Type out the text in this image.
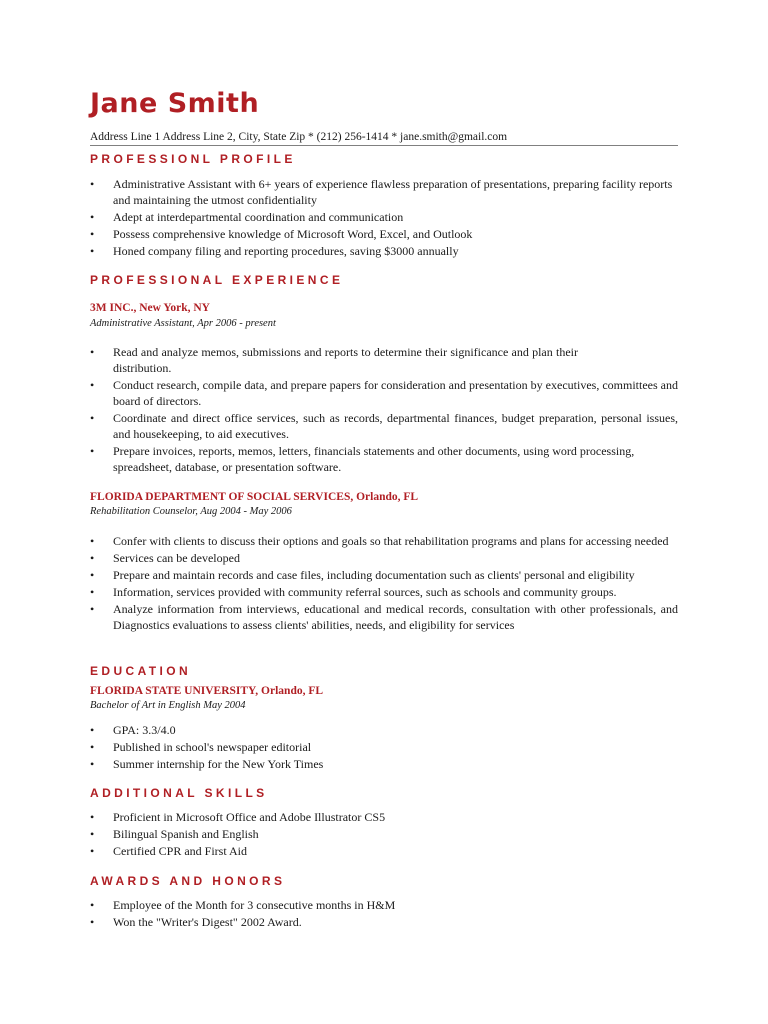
Jane Smith
Address Line 1 Address Line 2, City, State Zip * (212) 256-1414 * jane.smith@gmail.com
PROFESSIONL PROFILE
• Administrative Assistant with 6+ years of experience flawless preparation of presentations, preparing facility reports and maintaining the utmost confidentiality
• Adept at interdepartmental coordination and communication
• Possess comprehensive knowledge of Microsoft Word, Excel, and Outlook
• Honed company filing and reporting procedures, saving $3000 annually
PROFESSIONAL EXPERIENCE
3M INC., New York, NY
Administrative Assistant, Apr 2006 - present
• Read and analyze memos, submissions and reports to determine their significance and plan their distribution.
• Conduct research, compile data, and prepare papers for consideration and presentation by executives, committees and board of directors.
• Coordinate and direct office services, such as records, departmental finances, budget preparation, personal issues, and housekeeping, to aid executives.
• Prepare invoices, reports, memos, letters, financials statements and other documents, using word processing, spreadsheet, database, or presentation software.
FLORIDA DEPARTMENT OF SOCIAL SERVICES, Orlando, FL
Rehabilitation Counselor, Aug 2004 - May 2006
• Confer with clients to discuss their options and goals so that rehabilitation programs and plans for accessing needed
• Services can be developed
• Prepare and maintain records and case files, including documentation such as clients' personal and eligibility
• Information, services provided with community referral sources, such as schools and community groups.
• Analyze information from interviews, educational and medical records, consultation with other professionals, and Diagnostics evaluations to assess clients' abilities, needs, and eligibility for services
EDUCATION
FLORIDA STATE UNIVERSITY, Orlando, FL
Bachelor of Art in English May 2004
• GPA: 3.3/4.0
• Published in school's newspaper editorial
• Summer internship for the New York Times
ADDITIONAL SKILLS
• Proficient in Microsoft Office and Adobe Illustrator CS5
• Bilingual Spanish and English
• Certified CPR and First Aid
AWARDS AND HONORS
• Employee of the Month for 3 consecutive months in H&M
• Won the "Writer's Digest" 2002 Award.
